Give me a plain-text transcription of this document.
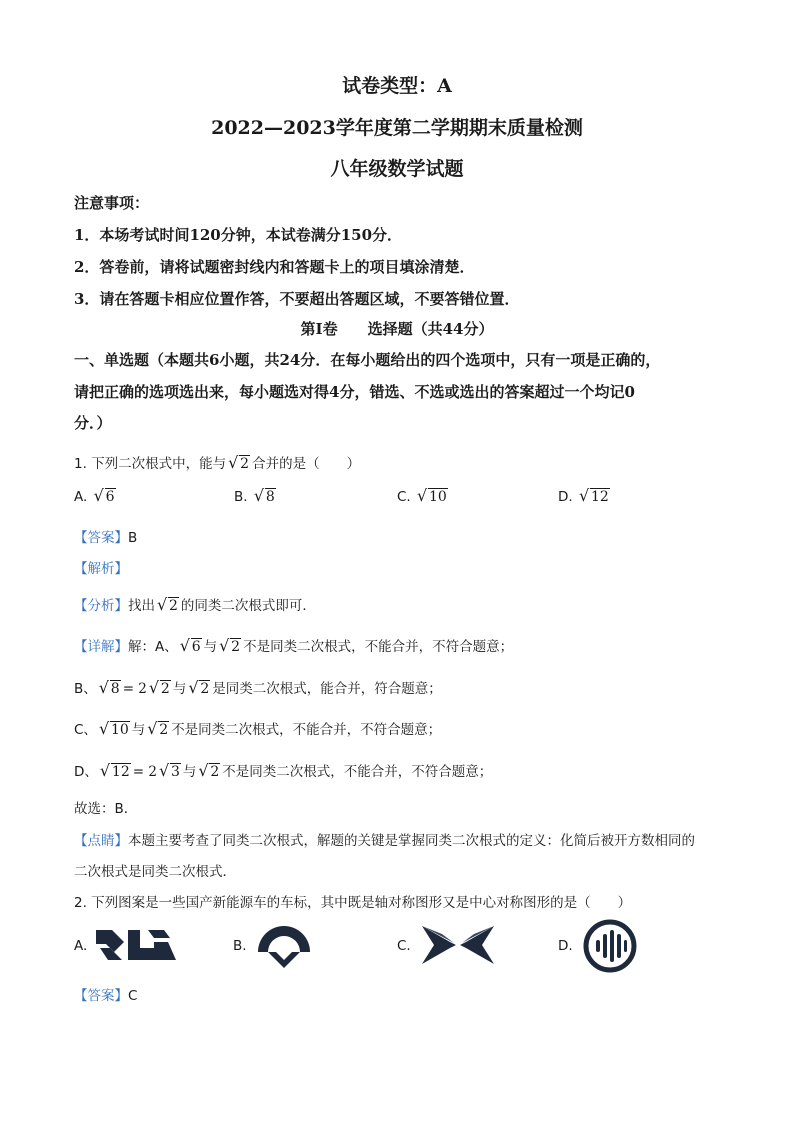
试卷类型：A
2022—2023学年度第二学期期末质量检测
八年级数学试题
注意事项：
1．本场考试时间120分钟，本试卷满分150分．
2．答卷前，请将试题密封线内和答题卡上的项目填涂清楚．
3．请在答题卡相应位置作答，不要超出答题区域，不要答错位置．
第Ⅰ卷　　选择题（共44分）
一、单选题（本题共6小题，共24分．在每小题给出的四个选项中，只有一项是正确的，
请把正确的选项选出来，每小题选对得4分，错选、不选或选出的答案超过一个均记0
分．）
1. 下列二次根式中，能与 √ 2 合并的是（　　）
A. √ 6	B. √ 8	C. √ 10	D. √ 12
【答案】B
【解析】
【分析】找出 √ 2 的同类二次根式即可．
【详解】解：A、 √ 6 与 √ 2 不是同类二次根式，不能合并，不符合题意；
B、 √ 8 = 2 √ 2 与 √ 2 是同类二次根式，能合并，符合题意；
C、 √ 10 与 √ 2 不是同类二次根式，不能合并，不符合题意；
D、 √ 12 = 2 √ 3 与 √ 2 不是同类二次根式，不能合并，不符合题意；
故选：B．
【点睛】本题主要考查了同类二次根式，解题的关键是掌握同类二次根式的定义：化简后被开方数相同的
二次根式是同类二次根式．
2. 下列图案是一些国产新能源车的车标，其中既是轴对称图形又是中心对称图形的是（　　）
A.	B.	C.	D.
【答案】C
